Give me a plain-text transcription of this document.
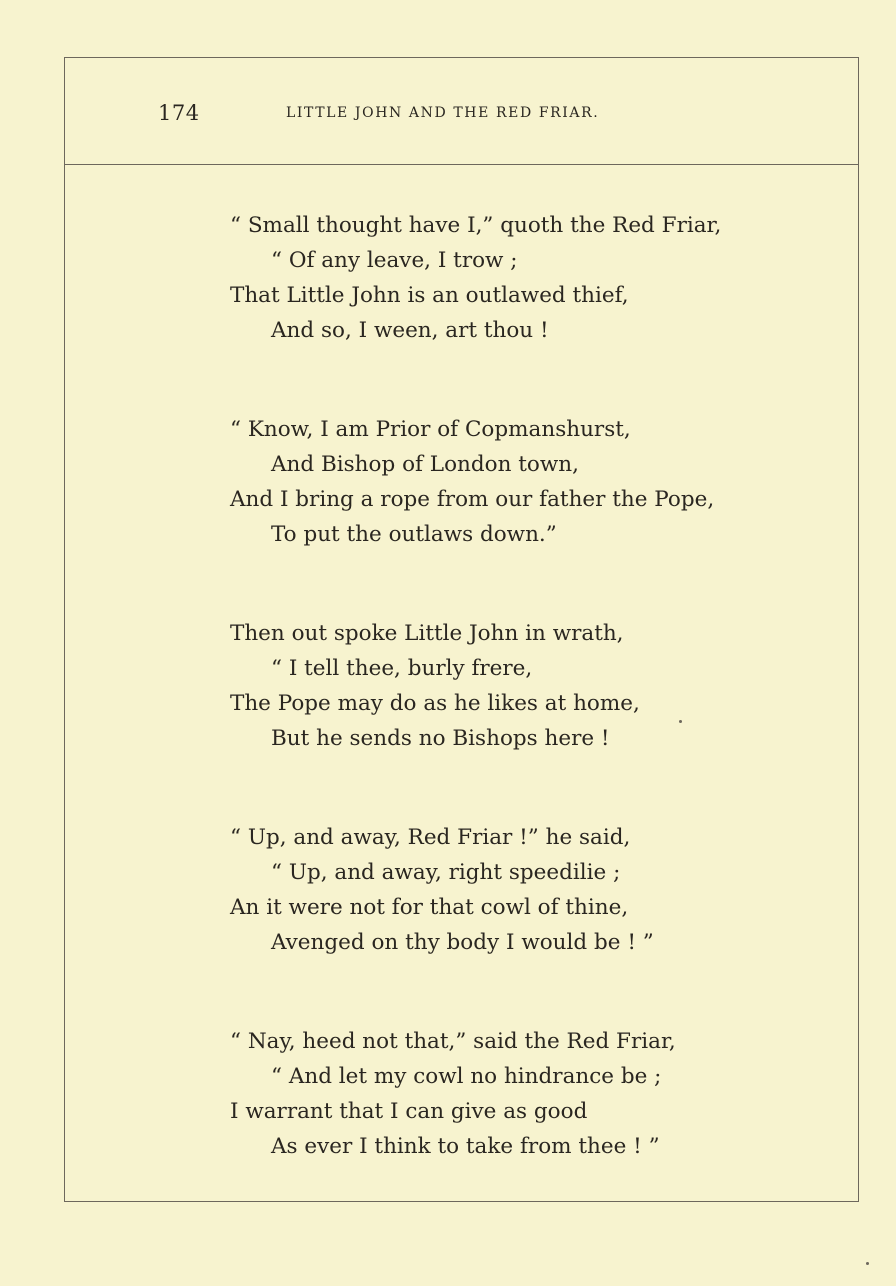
174	LITTLE JOHN AND THE RED FRIAR.
“ Small thought have I,” quoth the Red Friar,
“ Of any leave, I trow ;
That Little John is an outlawed thief,
And so, I ween, art thou !
“ Know, I am Prior of Copmanshurst,
And Bishop of London town,
And I bring a rope from our father the Pope,
To put the outlaws down.”
Then out spoke Little John in wrath,
“ I tell thee, burly frere,
The Pope may do as he likes at home,
But he sends no Bishops here !
“ Up, and away, Red Friar !” he said,
“ Up, and away, right speedilie ;
An it were not for that cowl of thine,
Avenged on thy body I would be ! ”
“ Nay, heed not that,” said the Red Friar,
“ And let my cowl no hindrance be ;
I warrant that I can give as good
As ever I think to take from thee ! ”
